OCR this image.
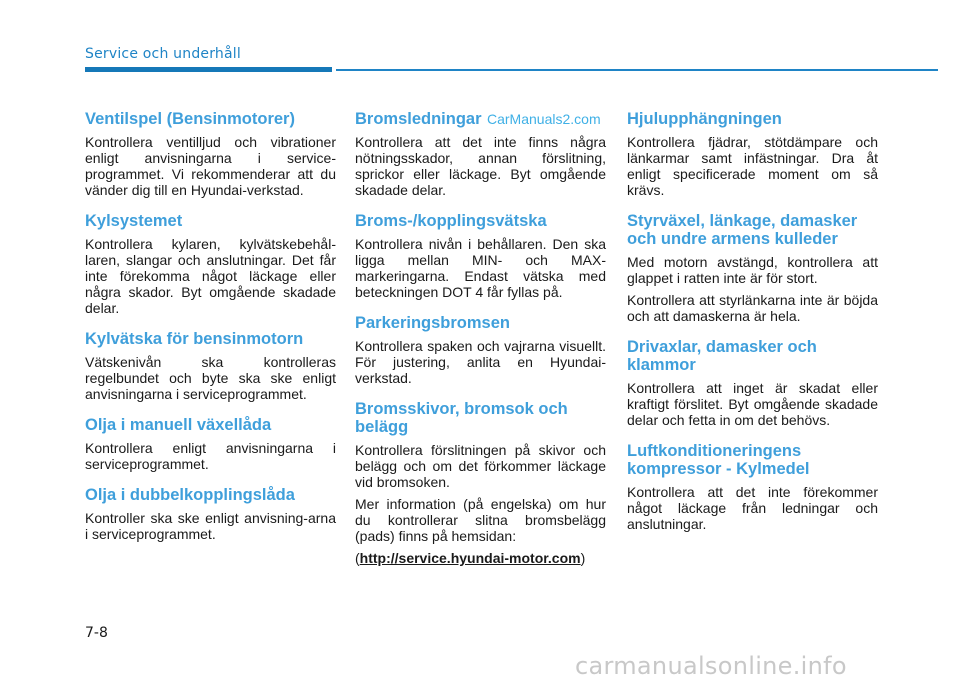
Service och underhåll
Ventilspel (Bensinmotorer)

Kontrollera ventilljud och vibrationer enligt anvisningarna i service-programmet. Vi rekommenderar att du vänder dig till en Hyundai-verkstad.

Kylsystemet

Kontrollera kylaren, kylvätskebehål-laren, slangar och anslutningar. Det får inte förekomma något läckage eller några skador. Byt omgående skadade delar.

Kylvätska för bensinmotorn

Vätskenivån ska kontrolleras regelbundet och byte ska ske enligt anvisningarna i serviceprogrammet.

Olja i manuell växellåda

Kontrollera enligt anvisningarna i serviceprogrammet.

Olja i dubbelkopplingslåda

Kontroller ska ske enligt anvisning-arna i serviceprogrammet.

Bromsledningar

Kontrollera att det inte finns några nötningsskador, annan förslitning, sprickor eller läckage. Byt omgående skadade delar.

Broms-/kopplingsvätska

Kontrollera nivån i behållaren. Den ska ligga mellan MIN- och MAX-markeringarna. Endast vätska med beteckningen DOT 4 får fyllas på.

Parkeringsbromsen

Kontrollera spaken och vajrarna visuellt. För justering, anlita en Hyundai-verkstad.

Bromsskivor, bromsok och belägg

Kontrollera förslitningen på skivor och belägg och om det förkommer läckage vid bromsoken.

Mer information (på engelska) om hur du kontrollerar slitna bromsbelägg (pads) finns på hemsidan:

(http://service.hyundai-motor.com)

Hjulupphängningen

Kontrollera fjädrar, stötdämpare och länkarmar samt infästningar. Dra åt enligt specificerade moment om så krävs.

Styrväxel, länkage, damasker och undre armens kulleder

Med motorn avstängd, kontrollera att glappet i ratten inte är för stort.

Kontrollera att styrlänkarna inte är böjda och att damaskerna är hela.

Drivaxlar, damasker och klammor

Kontrollera att inget är skadat eller kraftigt förslitet. Byt omgående skadade delar och fetta in om det behövs.

Luftkonditioneringens kompressor - Kylmedel

Kontrollera att det inte förekommer något läckage från ledningar och anslutningar.

CarManuals2.com
7-8
carmanualsonline.info
